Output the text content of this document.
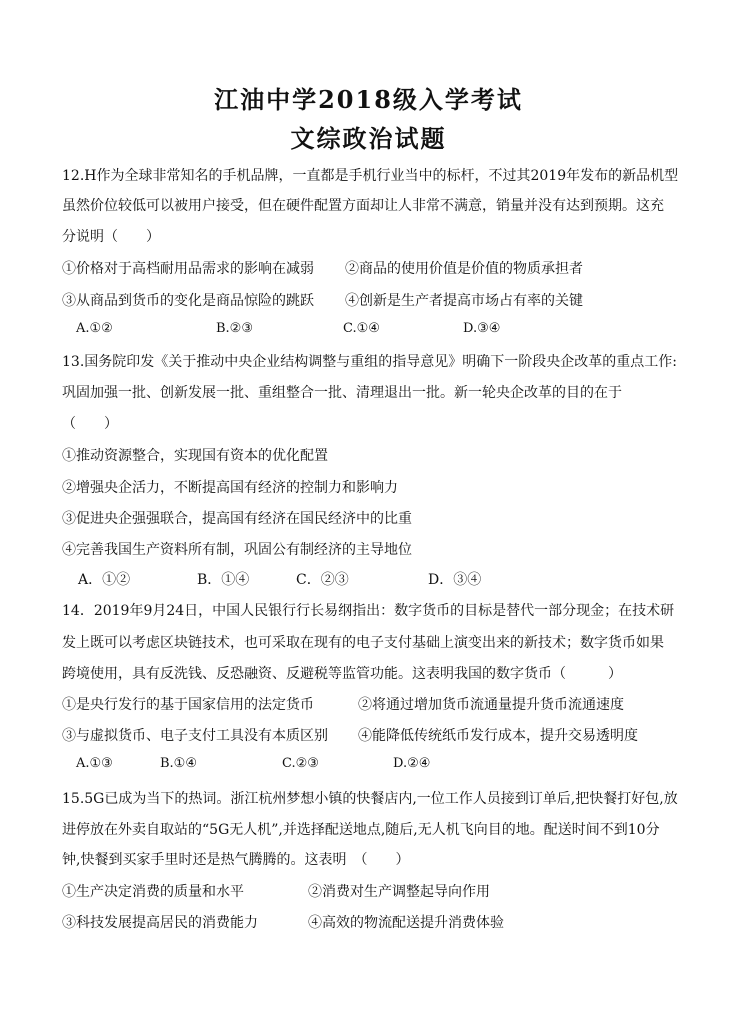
江油中学2018级入学考试
文综政治试题
12.H作为全球非常知名的手机品牌，一直都是手机行业当中的标杆，不过其2019年发布的新品机型
虽然价位较低可以被用户接受，但在硬件配置方面却让人非常不满意，销量并没有达到预期。这充
分说明（　　）
①价格对于高档耐用品需求的影响在减弱 ②商品的使用价值是价值的物质承担者
③从商品到货币的变化是商品惊险的跳跃 ④创新是生产者提高市场占有率的关键
A.①②	B.②③	C.①④	D.③④
13.国务院印发《关于推动中央企业结构调整与重组的指导意见》明确下一阶段央企改革的重点工作:
巩固加强一批、创新发展一批、重组整合一批、清理退出一批。新一轮央企改革的目的在于
（　　）
①推动资源整合，实现国有资本的优化配置
②增强央企活力，不断提高国有经济的控制力和影响力
③促进央企强强联合，提高国有经济在国民经济中的比重
④完善我国生产资料所有制，巩固公有制经济的主导地位
A．①②	B．①④	C．②③	D．③④
14．2019年9月24日，中国人民银行行长易纲指出：数字货币的目标是替代一部分现金；在技术研
发上既可以考虑区块链技术，也可采取在现有的电子支付基础上演变出来的新技术；数字货币如果
跨境使用，具有反洗钱、反恐融资、反避税等监管功能。这表明我国的数字货币（　　　）
①是央行发行的基于国家信用的法定货币	②将通过增加货币流通量提升货币流通速度
③与虚拟货币、电子支付工具没有本质区别 ④能降低传统纸币发行成本，提升交易透明度
A.①③	B.①④	C.②③	D.②④
15.5G已成为当下的热词。浙江杭州梦想小镇的快餐店内,一位工作人员接到订单后,把快餐打好包,放
进停放在外卖自取站的“5G无人机”,并选择配送地点,随后,无人机飞向目的地。配送时间不到10分
钟,快餐到买家手里时还是热气腾腾的。这表明　（　　）
①生产决定消费的质量和水平	②消费对生产调整起导向作用
③科技发展提高居民的消费能力	④高效的物流配送提升消费体验
